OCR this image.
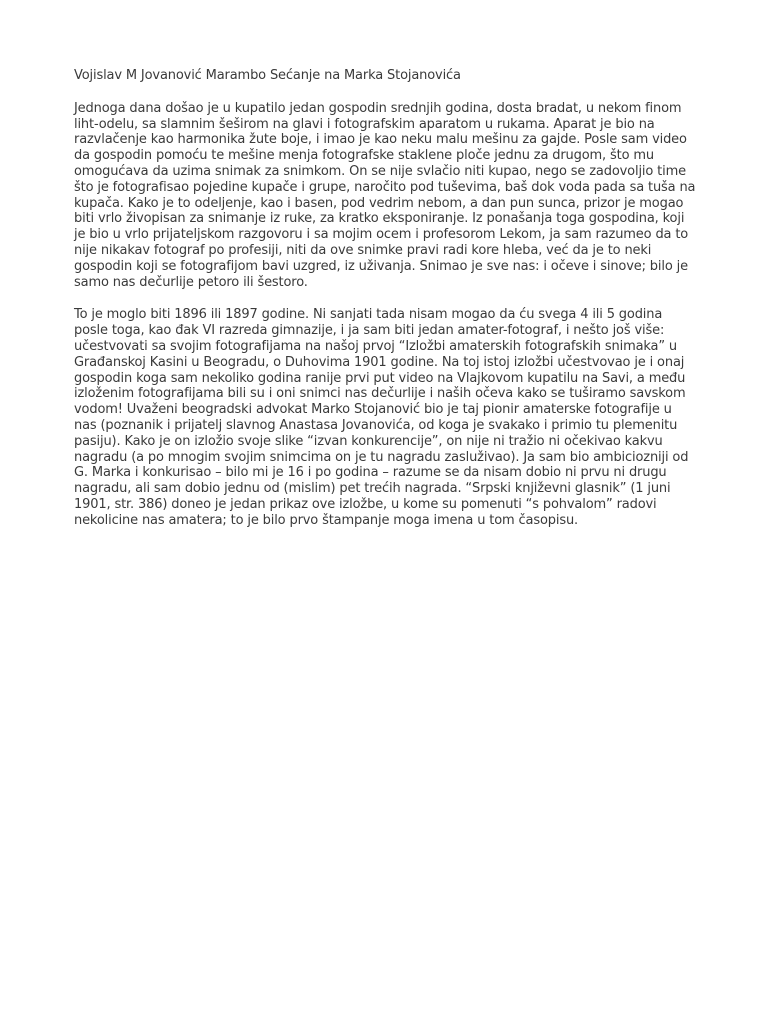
Vojislav M Jovanović Marambo Sećanje na Marka Stojanovića

Jednoga dana došao je u kupatilo jedan gospodin srednjih godina, dosta bradat, u nekom finom liht-odelu, sa slamnim šeširom na glavi i fotografskim aparatom u rukama. Aparat je bio na razvlačenje kao harmonika žute boje, i imao je kao neku malu mešinu za gajde. Posle sam video da gospodin pomoću te mešine menja fotografske staklene ploče jednu za drugom, što mu omogućava da uzima snimak za snimkom. On se nije svlačio niti kupao, nego se zadovoljio time što je fotografisao pojedine kupače i grupe, naročito pod tuševima, baš dok voda pada sa tuša na kupača. Kako je to odeljenje, kao i basen, pod vedrim nebom, a dan pun sunca, prizor je mogao biti vrlo živopisan za snimanje iz ruke, za kratko eksponiranje. Iz ponašanja toga gospodina, koji je bio u vrlo prijateljskom razgovoru i sa mojim ocem i profesorom Lekom, ja sam razumeo da to nije nikakav fotograf po profesiji, niti da ove snimke pravi radi kore hleba, već da je to neki gospodin koji se fotografijom bavi uzgred, iz uživanja. Snimao je sve nas: i očeve i sinove; bilo je samo nas dečurlije petoro ili šestoro.

To je moglo biti 1896 ili 1897 godine. Ni sanjati tada nisam mogao da ću svega 4 ili 5 godina posle toga, kao đak VI razreda gimnazije, i ja sam biti jedan amater-fotograf, i nešto još više: učestvovati sa svojim fotografijama na našoj prvoj “Izložbi amaterskih fotografskih snimaka” u Građanskoj Kasini u Beogradu, o Duhovima 1901 godine. Na toj istoj izložbi učestvovao je i onaj gospodin koga sam nekoliko godina ranije prvi put video na Vlajkovom kupatilu na Savi, a među izloženim fotografijama bili su i oni snimci nas dečurlije i naših očeva kako se tuširamo savskom vodom! Uvaženi beogradski advokat Marko Stojanović bio je taj pionir amaterske fotografije u nas (poznanik i prijatelj slavnog Anastasa Jovanovića, od koga je svakako i primio tu plemenitu pasiju). Kako je on izložio svoje slike “izvan konkurencije”, on nije ni tražio ni očekivao kakvu nagradu (a po mnogim svojim snimcima on je tu nagradu zasluživao). Ja sam bio ambiciozniji od G. Marka i konkurisao – bilo mi je 16 i po godina – razume se da nisam dobio ni prvu ni drugu nagradu, ali sam dobio jednu od (mislim) pet trećih nagrada. “Srpski književni glasnik” (1 juni 1901, str. 386) doneo je jedan prikaz ove izložbe, u kome su pomenuti “s pohvalom” radovi nekolicine nas amatera; to je bilo prvo štampanje moga imena u tom časopisu.
